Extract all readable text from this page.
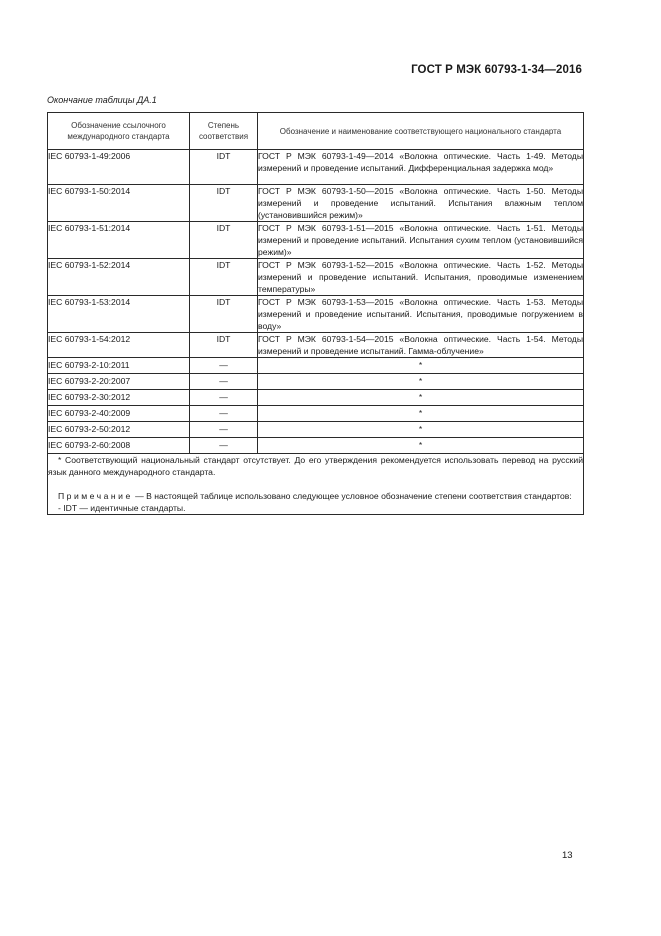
ГОСТ Р МЭК 60793-1-34—2016
Окончание таблицы ДА.1
Обозначение ссылочного международного стандарта	Степень соответствия	Обозначение и наименование соответствующего национального стандарта
IEC 60793-1-49:2006	IDT	ГОСТ Р МЭК 60793-1-49—2014 «Волокна оптические. Часть 1-49. Методы измерений и проведение испытаний. Дифференциальная задержка мод»
IEC 60793-1-50:2014	IDT	ГОСТ Р МЭК 60793-1-50—2015 «Волокна оптические. Часть 1-50. Методы измерений и проведение испытаний. Испытания влажным теплом (установившийся режим)»
IEC 60793-1-51:2014	IDT	ГОСТ Р МЭК 60793-1-51—2015 «Волокна оптические. Часть 1-51. Методы измерений и проведение испытаний. Испытания сухим теплом (установившийся режим)»
IEC 60793-1-52:2014	IDT	ГОСТ Р МЭК 60793-1-52—2015 «Волокна оптические. Часть 1-52. Методы измерений и проведение испытаний. Испытания, проводимые изменением температуры»
IEC 60793-1-53:2014	IDT	ГОСТ Р МЭК 60793-1-53—2015 «Волокна оптические. Часть 1-53. Методы измерений и проведение испытаний. Испытания, проводимые погружением в воду»
IEC 60793-1-54:2012	IDT	ГОСТ Р МЭК 60793-1-54—2015 «Волокна оптические. Часть 1-54. Методы измерений и проведение испытаний. Гамма-облучение»
IEC 60793-2-10:2011	—	*
IEC 60793-2-20:2007	—	*
IEC 60793-2-30:2012	—	*
IEC 60793-2-40:2009	—	*
IEC 60793-2-50:2012	—	*
IEC 60793-2-60:2008	—	*

* Соответствующий национальный стандарт отсутствует. До его утверждения рекомендуется использовать перевод на русский язык данного международного стандарта.

Примечание — В настоящей таблице использовано следующее условное обозначение степени соответствия стандартов:

- IDT — идентичные стандарты.		

13
